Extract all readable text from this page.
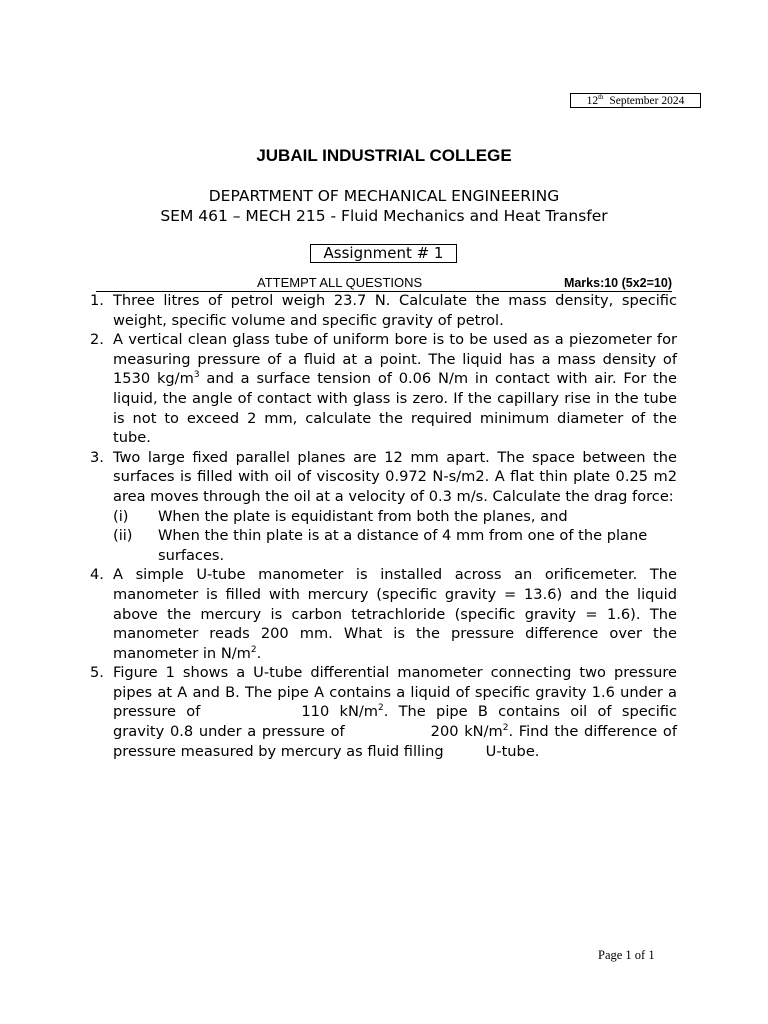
12th September 2024
JUBAIL INDUSTRIAL COLLEGE
DEPARTMENT OF MECHANICAL ENGINEERING
SEM 461 – MECH 215 - Fluid Mechanics and Heat Transfer
Assignment # 1
ATTEMPT ALL QUESTIONS	Marks:10 (5x2=10)
1. Three litres of petrol weigh 23.7 N. Calculate the mass density, specific weight, specific volume and specific gravity of petrol.
2. A vertical clean glass tube of uniform bore is to be used as a piezometer for measuring pressure of a fluid at a point. The liquid has a mass density of 1530 $kg/m^3$ and a surface tension of 0.06 N/m in contact with air. For the liquid, the angle of contact with glass is zero. If the capillary rise in the tube is not to exceed 2 mm, calculate the required minimum diameter of the tube.
3. Two large fixed parallel planes are 12 mm apart. The space between the surfaces is filled with oil of viscosity 0.972 N-s/m2. A flat thin plate 0.25 m2 area moves through the oil at a velocity of 0.3 m/s. Calculate the drag force:
(i) When the plate is equidistant from both the planes, and
(ii) When the thin plate is at a distance of 4 mm from one of the plane surfaces.
4. A simple U-tube manometer is installed across an orificemeter. The manometer is filled with mercury (specific gravity = 13.6) and the liquid above the mercury is carbon tetrachloride (specific gravity = 1.6). The manometer reads 200 mm. What is the pressure difference over the manometer in $N/m^2$.
5. Figure 1 shows a U-tube differential manometer connecting two pressure pipes at A and B. The pipe A contains a liquid of specific gravity 1.6 under a pressure of	110 $kN/m^2$. The pipe B contains oil of specific gravity 0.8 under a pressure of	200 $kN/m^2$. Find the difference of pressure measured by mercury as fluid filling	U-tube.
Page 1 of 1
